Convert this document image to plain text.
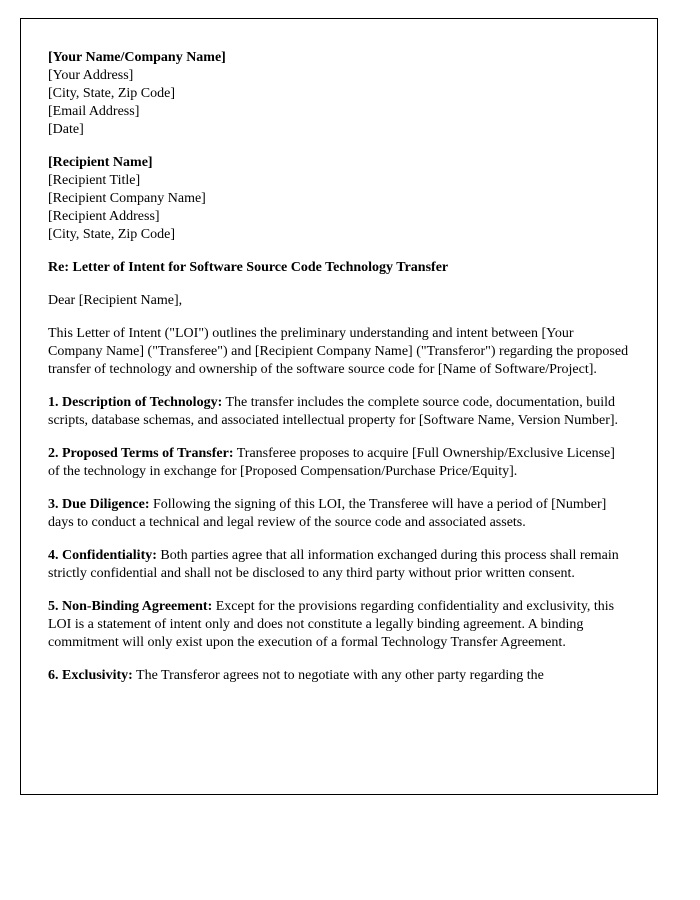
[Your Name/Company Name]
[Your Address]
[City, State, Zip Code]
[Email Address]
[Date]
[Recipient Name]
[Recipient Title]
[Recipient Company Name]
[Recipient Address]
[City, State, Zip Code]

Re: Letter of Intent for Software Source Code Technology Transfer

Dear [Recipient Name],

This Letter of Intent ("LOI") outlines the preliminary understanding and intent between [Your Company Name] ("Transferee") and [Recipient Company Name] ("Transferor") regarding the proposed transfer of technology and ownership of the software source code for [Name of Software/Project].

1. Description of Technology: The transfer includes the complete source code, documentation, build scripts, database schemas, and associated intellectual property for [Software Name, Version Number].

2. Proposed Terms of Transfer: Transferee proposes to acquire [Full Ownership/Exclusive License] of the technology in exchange for [Proposed Compensation/Purchase Price/Equity].

3. Due Diligence: Following the signing of this LOI, the Transferee will have a period of [Number] days to conduct a technical and legal review of the source code and associated assets.

4. Confidentiality: Both parties agree that all information exchanged during this process shall remain strictly confidential and shall not be disclosed to any third party without prior written consent.

5. Non-Binding Agreement: Except for the provisions regarding confidentiality and exclusivity, this LOI is a statement of intent only and does not constitute a legally binding agreement. A binding commitment will only exist upon the execution of a formal Technology Transfer Agreement.

6. Exclusivity: The Transferor agrees not to negotiate with any other party regarding the
